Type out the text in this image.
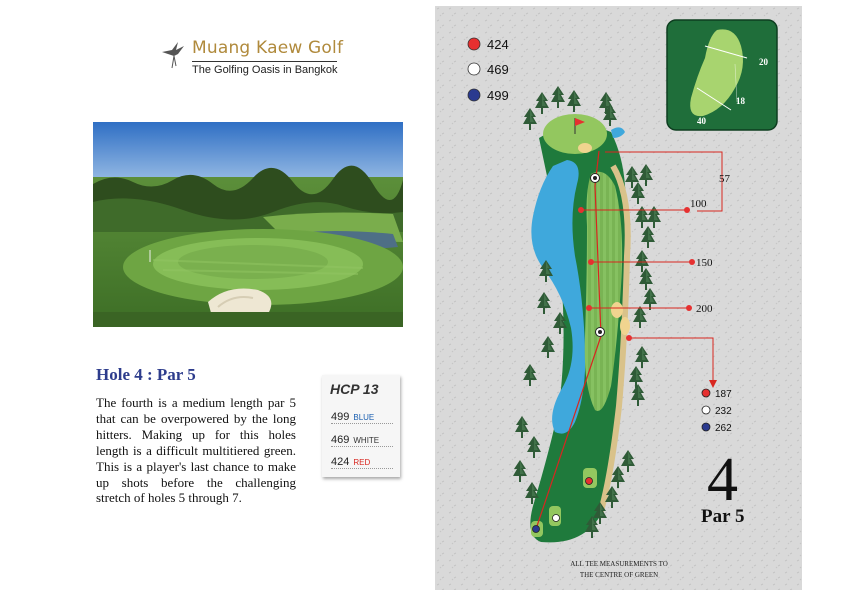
Muang Kaew Golf
The Golfing Oasis in Bangkok
Hole 4 : Par 5
The fourth is a medium length par 5 that can be overpowered by the long hitters. Making up for this holes length is a difficult multitiered green. This is a player's last chance to make up shots before the challenging stretch of holes 5 through 7.
HCP 13
499 BLUE
469 WHITE
424 RED
20
18
40
424
469
499
57
100
150
200
187
232
262
4
Par 5
ALL TEE MEASUREMENTS TO
THE CENTRE OF GREEN
